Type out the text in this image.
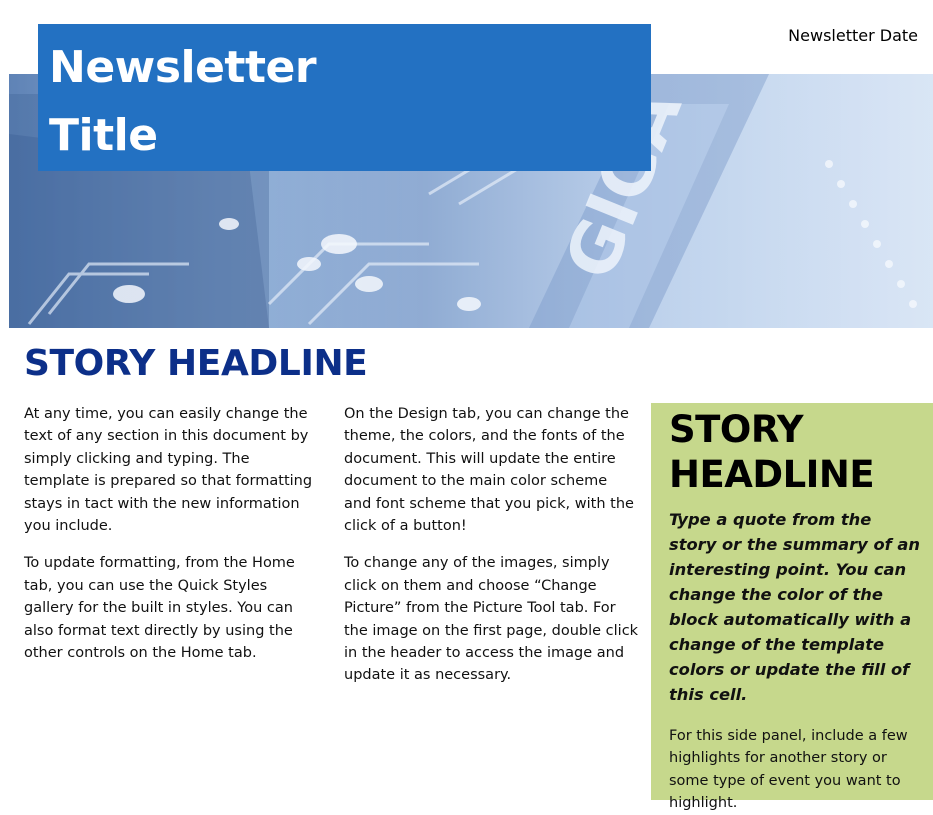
Newsletter
Title
Newsletter Date
STORY HEADLINE

At any time, you can easily change the text of any section in this document by simply clicking and typing. The template is prepared so that formatting stays in tact with the new information you include.

To update formatting, from the Home tab, you can use the Quick Styles gallery for the built in styles. You can also format text directly by using the other controls on the Home tab.

On the Design tab, you can change the theme, the colors, and the fonts of the document. This will update the entire document to the main color scheme and font scheme that you pick, with the click of a button!

To change any of the images, simply click on them and choose “Change Picture” from the Picture Tool tab. For the image on the first page, double click in the header to access the image and update it as necessary.

STORY
HEADLINE

Type a quote from the story or the summary of an interesting point. You can change the color of the block automatically with a change of the template colors or update the fill of this cell.

For this side panel, include a few highlights for another story or some type of event you want to highlight.
